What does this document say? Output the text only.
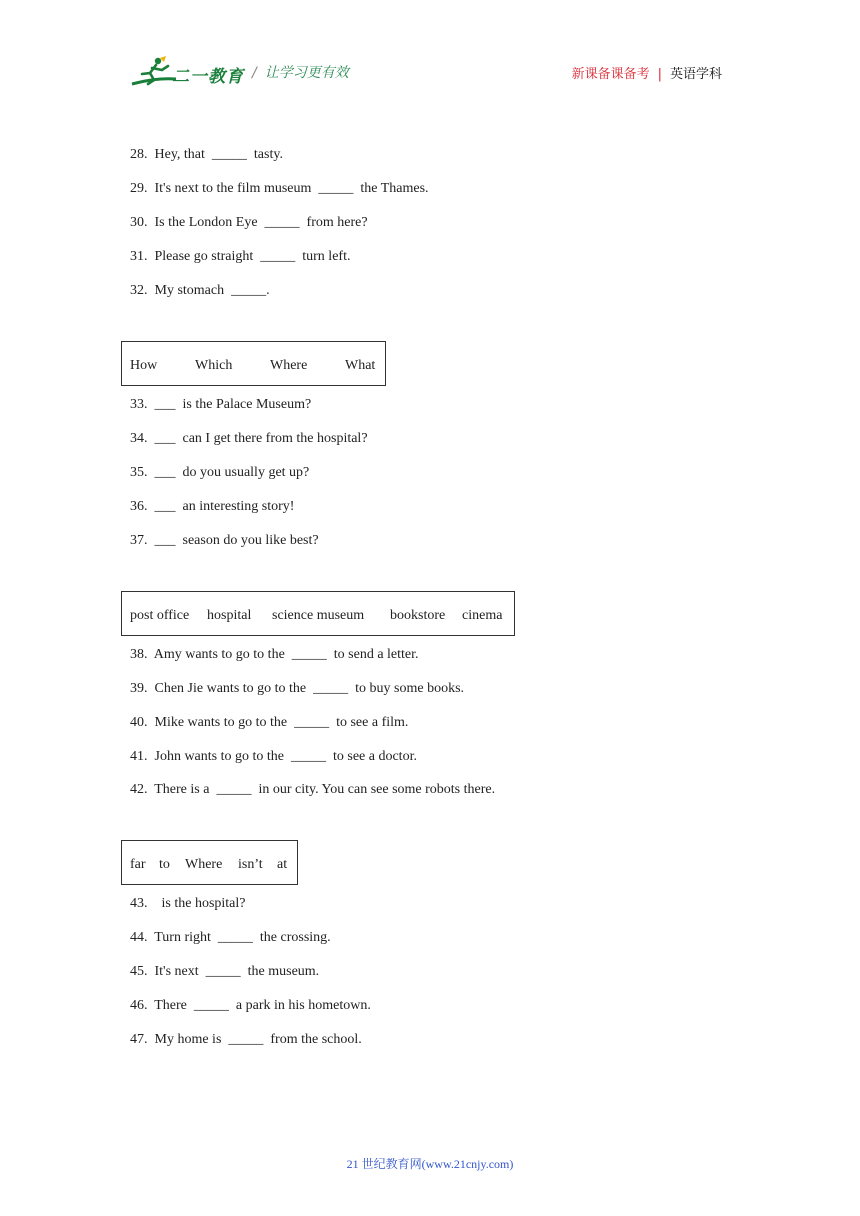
二一教育 / 让学习更有效	新课备课备考 | 英语学科
28. Hey, that  _____  tasty.
29. It's next to the film museum  _____  the Thames.
30. Is the London Eye  _____  from here?
31. Please go straight  _____  turn left.
32. My stomach  _____.

How

	Which

	Where

	What

33. ___  is the Palace Museum?
34. ___  can I get there from the hospital?
35. ___  do you usually get up?
36. ___  an interesting story!
37. ___  season do you like best?

post office

hospital

science museum

bookstore

cinema

38. Amy wants to go to the  _____  to send a letter.
39. Chen Jie wants to go to the  _____  to buy some books.
40. Mike wants to go to the  _____  to see a film.
41. John wants to go to the  _____  to see a doctor.
42. There is a  _____  in our city. You can see some robots there.

far

to

Where

isn’t

at

43.    is the hospital?
44. Turn right  _____  the crossing.
45. It's next  _____  the museum.
46. There  _____  a park in his hometown.
47. My home is  _____  from the school.
21 世纪教育网(www.21cnjy.com)
